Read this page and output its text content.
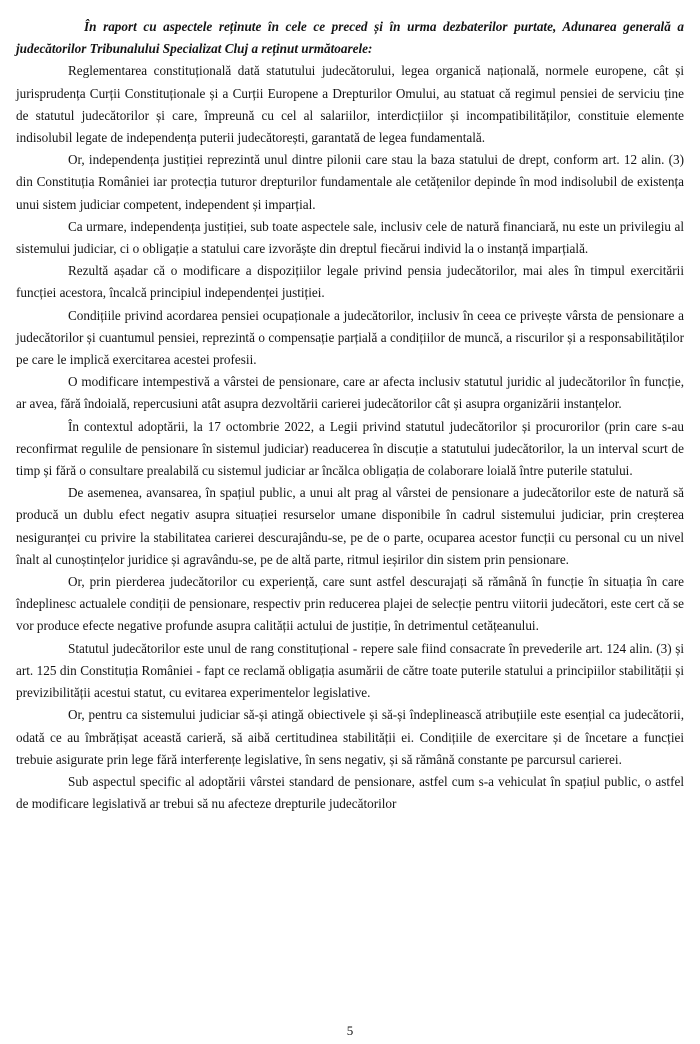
În raport cu aspectele reținute în cele ce preced și în urma dezbaterilor purtate, Adunarea generală a judecătorilor Tribunalului Specializat Cluj a reținut următoarele:

Reglementarea constituțională dată statutului judecătorului, legea organică națională, normele europene, cât și jurisprudența Curții Constituționale și a Curții Europene a Drepturilor Omului, au statuat că regimul pensiei de serviciu ține de statutul judecătorilor și care, împreună cu cel al salariilor, interdicțiilor și incompatibilităților, constituie elemente indisolubil legate de independența puterii judecătorești, garantată de legea fundamentală.

Or, independența justiției reprezintă unul dintre pilonii care stau la baza statului de drept, conform art. 12 alin. (3) din Constituția României iar protecția tuturor drepturilor fundamentale ale cetățenilor depinde în mod indisolubil de existența unui sistem judiciar competent, independent și imparțial.

Ca urmare, independența justiției, sub toate aspectele sale, inclusiv cele de natură financiară, nu este un privilegiu al sistemului judiciar, ci o obligație a statului care izvorăște din dreptul fiecărui individ la o instanță imparțială.

Rezultă așadar că o modificare a dispozițiilor legale privind pensia judecătorilor, mai ales în timpul exercitării funcției acestora, încalcă principiul independenței justiției.

Condițiile privind acordarea pensiei ocupaționale a judecătorilor, inclusiv în ceea ce privește vârsta de pensionare a judecătorilor și cuantumul pensiei, reprezintă o compensație parțială a condițiilor de muncă, a riscurilor și a responsabilităților pe care le implică exercitarea acestei profesii.

O modificare intempestivă a vârstei de pensionare, care ar afecta inclusiv statutul juridic al judecătorilor în funcție, ar avea, fără îndoială, repercusiuni atât asupra dezvoltării carierei judecătorilor cât și asupra organizării instanțelor.

În contextul adoptării, la 17 octombrie 2022, a Legii privind statutul judecătorilor și procurorilor (prin care s-au reconfirmat regulile de pensionare în sistemul judiciar) readucerea în discuție a statutului judecătorilor, la un interval scurt de timp și fără o consultare prealabilă cu sistemul judiciar ar încălca obligația de colaborare loială între puterile statului.

De asemenea, avansarea, în spațiul public, a unui alt prag al vârstei de pensionare a judecătorilor este de natură să producă un dublu efect negativ asupra situației resurselor umane disponibile în cadrul sistemului judiciar, prin creșterea nesiguranței cu privire la stabilitatea carierei descurajându-se, pe de o parte, ocuparea acestor funcții cu personal cu un nivel înalt al cunoștințelor juridice și agravându-se, pe de altă parte, ritmul ieșirilor din sistem prin pensionare.

Or, prin pierderea judecătorilor cu experiență, care sunt astfel descurajați să rămână în funcție în situația în care îndeplinesc actualele condiții de pensionare, respectiv prin reducerea plajei de selecție pentru viitorii judecători, este cert că se vor produce efecte negative profunde asupra calității actului de justiție, în detrimentul cetățeanului.

Statutul judecătorilor este unul de rang constituțional - repere sale fiind consacrate în prevederile art. 124 alin. (3) și art. 125 din Constituția României - fapt ce reclamă obligația asumării de către toate puterile statului a principiilor stabilității și previzibilității acestui statut, cu evitarea experimentelor legislative.

Or, pentru ca sistemului judiciar să-și atingă obiectivele și să-și îndeplinească atribuțiile este esențial ca judecătorii, odată ce au îmbrățișat această carieră, să aibă certitudinea stabilității ei. Condițiile de exercitare și de încetare a funcției trebuie asigurate prin lege fără interferențe legislative, în sens negativ, și să rămână constante pe parcursul carierei.

Sub aspectul specific al adoptării vârstei standard de pensionare, astfel cum s-a vehiculat în spațiul public, o astfel de modificare legislativă ar trebui să nu afecteze drepturile judecătorilor

5
